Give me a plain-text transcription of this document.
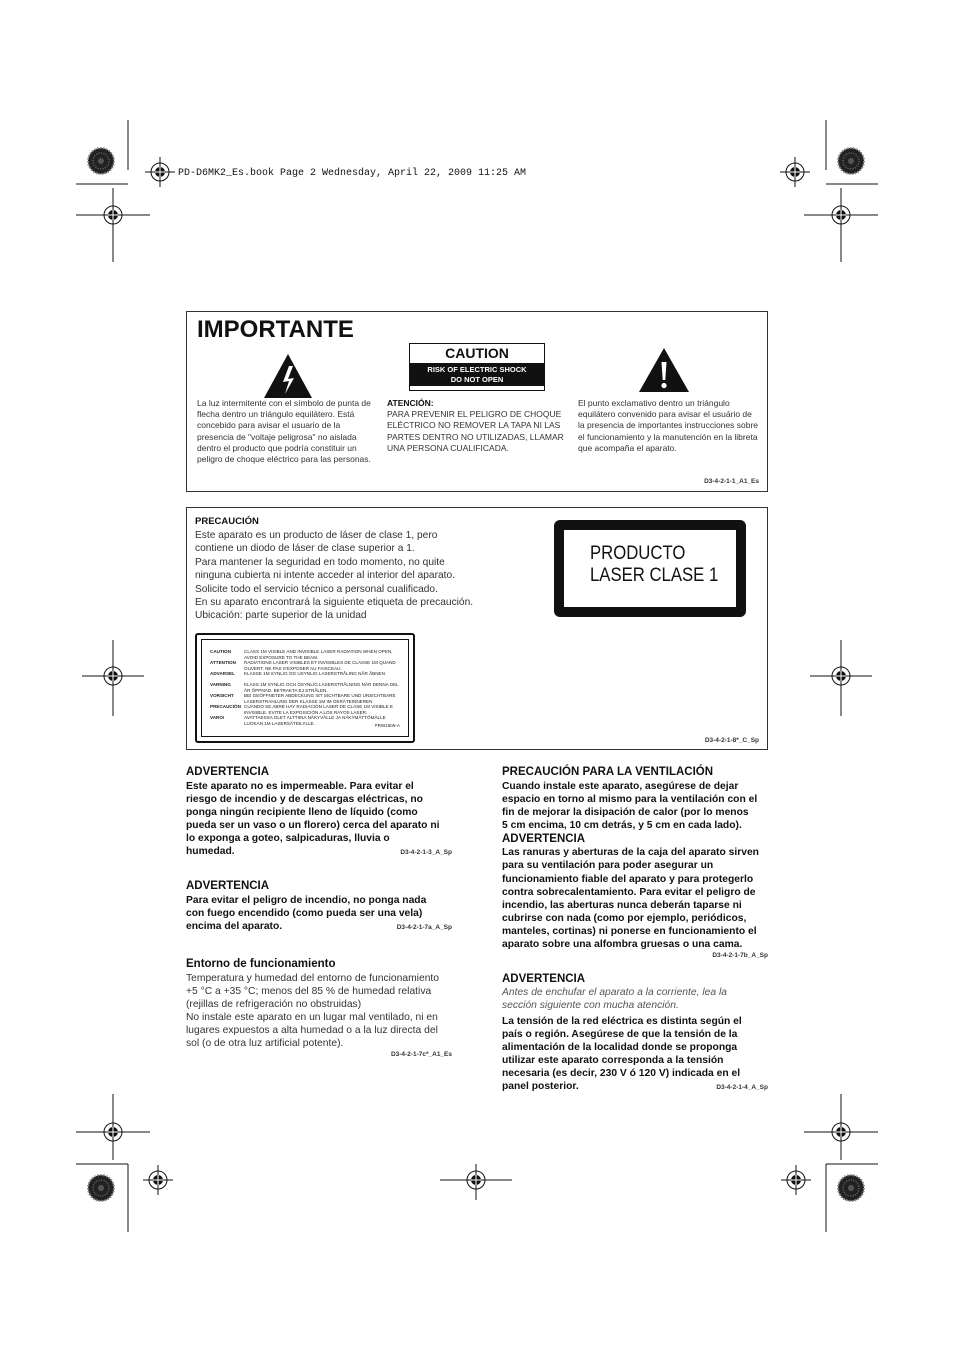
PD-D6MK2_Es.book Page 2 Wednesday, April 22, 2009 11:25 AM
IMPORTANTE
CAUTION
RISK OF ELECTRIC SHOCK
DO NOT OPEN
La luz intermitente con el símbolo de punta de flecha dentro un triángulo equilátero. Está concebido para avisar el usuario de la presencia de "voltaje peligrosa" no aislada dentro el producto que podría constituir un peligro de choque eléctrico para las personas.
ATENCIÓN:
PARA PREVENIR EL PELIGRO DE CHOQUE ELÉCTRICO NO REMOVER LA TAPA NI LAS PARTES DENTRO NO UTILIZADAS, LLAMAR UNA PERSONA CUALIFICADA.
El punto exclamativo dentro un triángulo equilátero convenido para avisar el usuário de la presencia de importantes instrucciones sobre el funcionamiento y la manutención en la libreta que acompaña el aparato.
D3-4-2-1-1_A1_Es
PRECAUCIÓN
Este aparato es un producto de láser de clase 1, pero
contiene un diodo de láser de clase superior a 1.
Para mantener la seguridad en todo momento, no quite
ninguna cubierta ni intente acceder al interior del aparato.
Solicite todo el servicio técnico a personal cualificado.
En su aparato encontrará la siguiente etiqueta de precaución.
Ubicación: parte superior de la unidad
PRODUCTO
LASER CLASE 1
CAUTION	CLASS 1M VISIBLE AND INVISIBLE LASER RADIATION WHEN OPEN, AVOID EXPOSURE TO THE BEAM.
ATTENTION	RADIATIONS LASER VISIBLES ET INVISIBLES DE CLASSE 1M QUAND OUVERT. NE PAS S'EXPOSER AU FAISCEAU.
ADVARSEL	KLASSE 1M SYNLIG OG USYNLIG LASERSTRÅLING NÅR ÅBNEN.
VARNING	KLASS 1M SYNLIG OCH OSYNLIG LASERSTRÅLNING NÄR DENNA DEL ÄR ÖPPNAD. BETRAKTA EJ STRÅLEN.
VORSICHT	BEI GEÖFFNETER ABDECKUNG IST SICHTBARE UND UNSICHTBARE LASERSTRAHLUNG DER KLASSE 1M IM GERÄTEINNEREN
PRECAUCIÓN CUANDO SE ABRE HAY RADIACIÓN LASER DE CLASE 1M VISIBLE E INVISIBLE. EVITE LA EXPOSICIÓN A LOS RAYOS LASER.
VARO!	AVATTAESSA OLET ALTTIINA NÄKYVÄLLE JA NÄKYMÄTTÖMÄLLE LUOKAN 1M LASERSÄTEILYLLE.	PRW1505-A
D3-4-2-1-8*_C_Sp
ADVERTENCIA
Este aparato no es impermeable. Para evitar el
riesgo de incendio y de descargas eléctricas, no
ponga ningún recipiente lleno de líquido (como
pueda ser un vaso o un florero) cerca del aparato ni
lo exponga a goteo, salpicaduras, lluvia o
humedad.	D3-4-2-1-3_A_Sp
ADVERTENCIA
Para evitar el peligro de incendio, no ponga nada
con fuego encendido (como pueda ser una vela)
encima del aparato.	D3-4-2-1-7a_A_Sp
Entorno de funcionamiento
Temperatura y humedad del entorno de funcionamiento
+5 °C a +35 °C; menos del 85 % de humedad relativa
(rejillas de refrigeración no obstruidas)
No instale este aparato en un lugar mal ventilado, ni en
lugares expuestos a alta humedad o a la luz directa del
sol (o de otra luz artificial potente).
D3-4-2-1-7c*_A1_Es
PRECAUCIÓN PARA LA VENTILACIÓN
Cuando instale este aparato, asegúrese de dejar
espacio en torno al mismo para la ventilación con el
fin de mejorar la disipación de calor (por lo menos
5 cm encima, 10 cm detrás, y 5 cm en cada lado).
ADVERTENCIA
Las ranuras y aberturas de la caja del aparato sirven
para su ventilación para poder asegurar un
funcionamiento fiable del aparato y para protegerlo
contra sobrecalentamiento. Para evitar el peligro de
incendio, las aberturas nunca deberán taparse ni
cubrirse con nada (como por ejemplo, periódicos,
manteles, cortinas) ni ponerse en funcionamiento el
aparato sobre una alfombra gruesas o una cama.
D3-4-2-1-7b_A_Sp
ADVERTENCIA
Antes de enchufar el aparato a la corriente, lea la
sección siguiente con mucha atención.
La tensión de la red eléctrica es distinta según el
país o región. Asegúrese de que la tensión de la
alimentación de la localidad donde se proponga
utilizar este aparato corresponda a la tensión
necesaria (es decir, 230 V ó 120 V) indicada en el
panel posterior.	D3-4-2-1-4_A_Sp
